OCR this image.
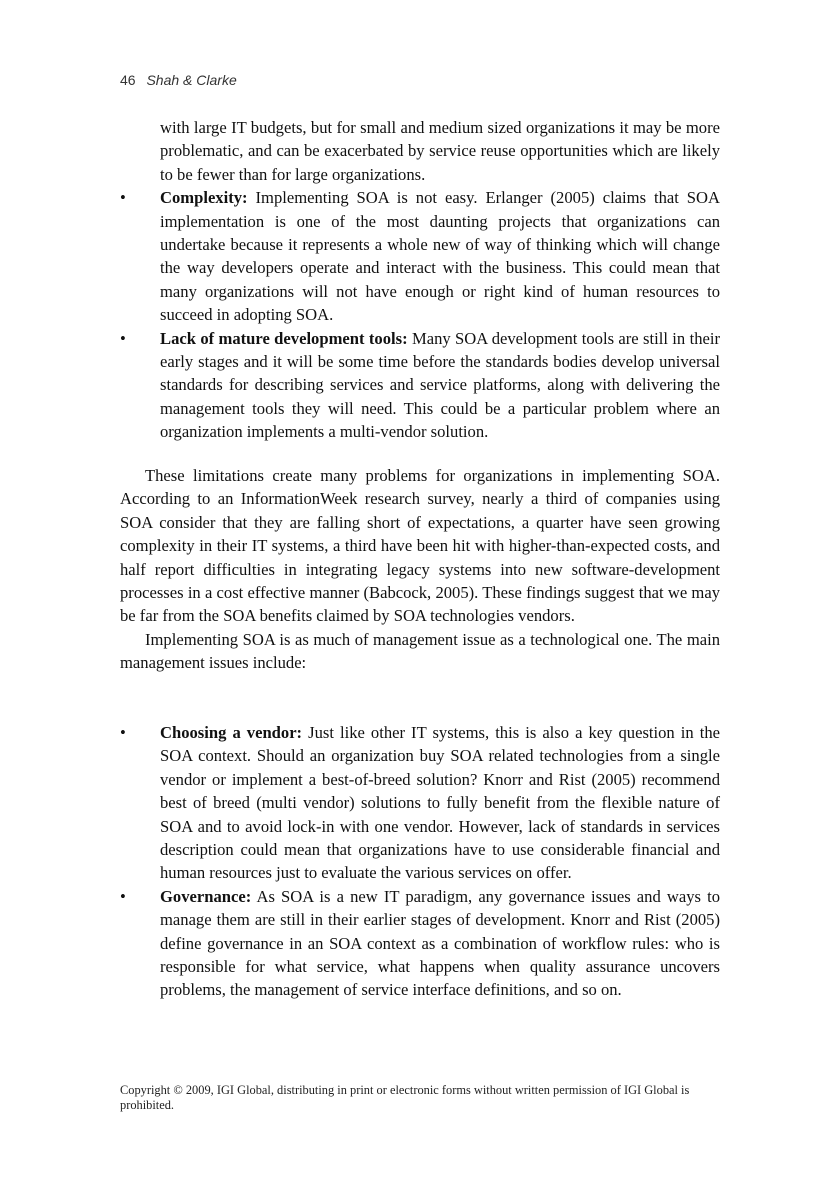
46 Shah & Clarke

with large IT budgets, but for small and medium sized organizations it may be more problematic, and can be exacerbated by service reuse opportunities which are likely to be fewer than for large organizations.

• Complexity: Implementing SOA is not easy. Erlanger (2005) claims that SOA implementation is one of the most daunting projects that organizations can undertake because it represents a whole new of way of thinking which will change the way developers operate and interact with the business. This could mean that many organizations will not have enough or right kind of human resources to succeed in adopting SOA.
• Lack of mature development tools: Many SOA development tools are still in their early stages and it will be some time before the standards bodies develop universal standards for describing services and service platforms, along with delivering the management tools they will need. This could be a particular problem where an organization implements a multi-vendor solution.

These limitations create many problems for organizations in implementing SOA. According to an InformationWeek research survey, nearly a third of companies using SOA consider that they are falling short of expectations, a quarter have seen growing complexity in their IT systems, a third have been hit with higher-than-expected costs, and half report difficulties in integrating legacy systems into new software-development processes in a cost effective manner (Babcock, 2005). These findings suggest that we may be far from the SOA benefits claimed by SOA technologies vendors.

Implementing SOA is as much of management issue as a technological one. The main management issues include:

• Choosing a vendor: Just like other IT systems, this is also a key question in the SOA context. Should an organization buy SOA related technologies from a single vendor or implement a best-of-breed solution? Knorr and Rist (2005) recommend best of breed (multi vendor) solutions to fully benefit from the flexible nature of SOA and to avoid lock-in with one vendor. However, lack of standards in services description could mean that organizations have to use considerable financial and human resources just to evaluate the various services on offer.
• Governance: As SOA is a new IT paradigm, any governance issues and ways to manage them are still in their earlier stages of development. Knorr and Rist (2005) define governance in an SOA context as a combination of workflow rules: who is responsible for what service, what happens when quality assurance uncovers problems, the management of service interface definitions, and so on.
Copyright © 2009, IGI Global, distributing in print or electronic forms without written permission of IGI Global is prohibited.
